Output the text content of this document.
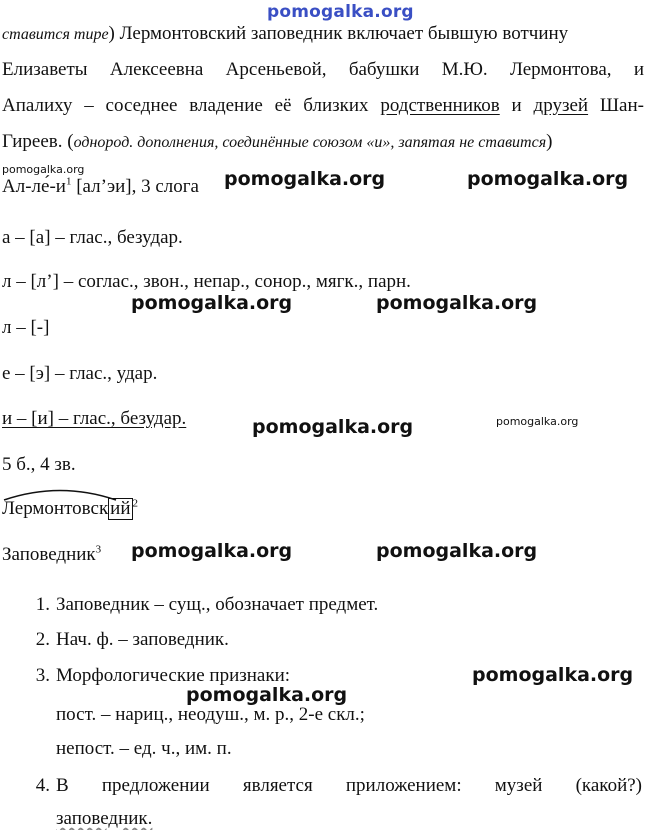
pomogalka.org
ставится тире) Лермонтовский заповедник включает бывшую вотчину
Елизаветы Алексеевна Арсеньевой, бабушки М.Ю. Лермонтова, и
Апалиху – соседнее владение её близких родственников и друзей Шан-
Гиреев. (однород. дополнения, соединённые союзом «и», запятая не ставится)
pomogalka.org
$Ал-ле́-и^1$ [ал’эи], 3 слога pomogalka.org	pomogalka.org
а – [а] – глас., безудар.
л – [л’] – соглас., звон., непар., сонор., мягк., парн.
pomogalka.org	pomogalka.org
л – [-]
е – [э] – глас., удар.
и – [и] – глас., безудар.	pomogalka.org	pomogalka.org
5 б., 4 зв.
Лермонтовск ий $^2$
Заповедник$^3$ pomogalka.org	pomogalka.org
1. Заповедник – сущ., обозначает предмет.
2. Нач. ф. – заповедник.
3. Морфологические признаки:
пост. – нариц., неодуш., м. р., 2-е скл.;
непост. – ед. ч., им. п.
4. В предложении является приложением: музей (какой?)
заповедник.
pomogalka.org
pomogalka.org
